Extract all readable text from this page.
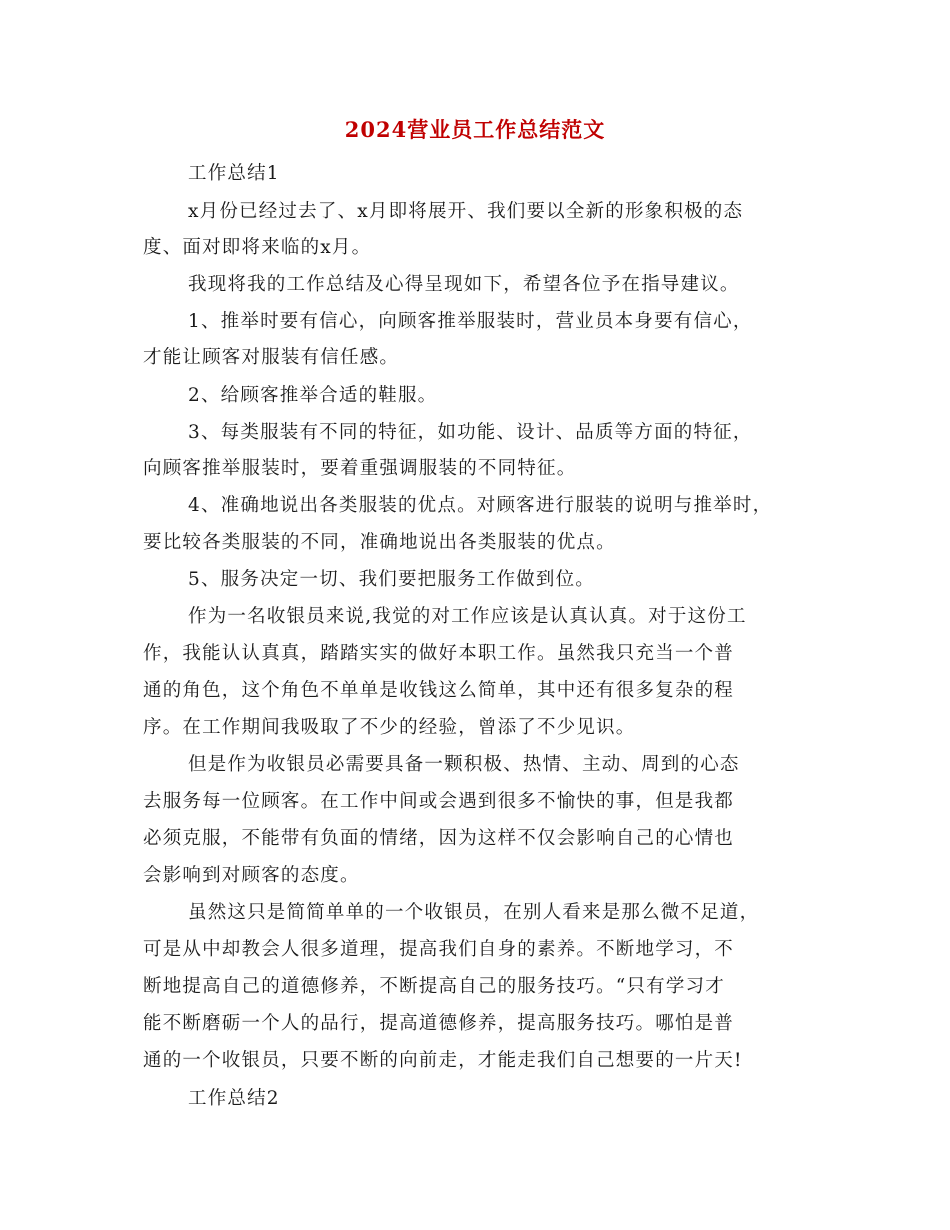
2024营业员工作总结范文
工作总结1
x月份已经过去了、x月即将展开、我们要以全新的形象积极的态
度、面对即将来临的x月。
我现将我的工作总结及心得呈现如下，希望各位予在指导建议。
1、推举时要有信心，向顾客推举服装时，营业员本身要有信心，
才能让顾客对服装有信任感。
2、给顾客推举合适的鞋服。
3、每类服装有不同的特征，如功能、设计、品质等方面的特征，
向顾客推举服装时，要着重强调服装的不同特征。
4、准确地说出各类服装的优点。对顾客进行服装的说明与推举时，
要比较各类服装的不同，准确地说出各类服装的优点。
5、服务决定一切、我们要把服务工作做到位。
作为一名收银员来说,我觉的对工作应该是认真认真。对于这份工
作，我能认认真真，踏踏实实的做好本职工作。虽然我只充当一个普
通的角色，这个角色不单单是收钱这么简单，其中还有很多复杂的程
序。在工作期间我吸取了不少的经验，曾添了不少见识。
但是作为收银员必需要具备一颗积极、热情、主动、周到的心态
去服务每一位顾客。在工作中间或会遇到很多不愉快的事，但是我都
必须克服，不能带有负面的情绪，因为这样不仅会影响自己的心情也
会影响到对顾客的态度。
虽然这只是简简单单的一个收银员，在别人看来是那么微不足道，
可是从中却教会人很多道理，提高我们自身的素养。不断地学习，不
断地提高自己的道德修养，不断提高自己的服务技巧。“只有学习才
能不断磨砺一个人的品行，提高道德修养，提高服务技巧。哪怕是普
通的一个收银员，只要不断的向前走，才能走我们自己想要的一片天!
工作总结2
